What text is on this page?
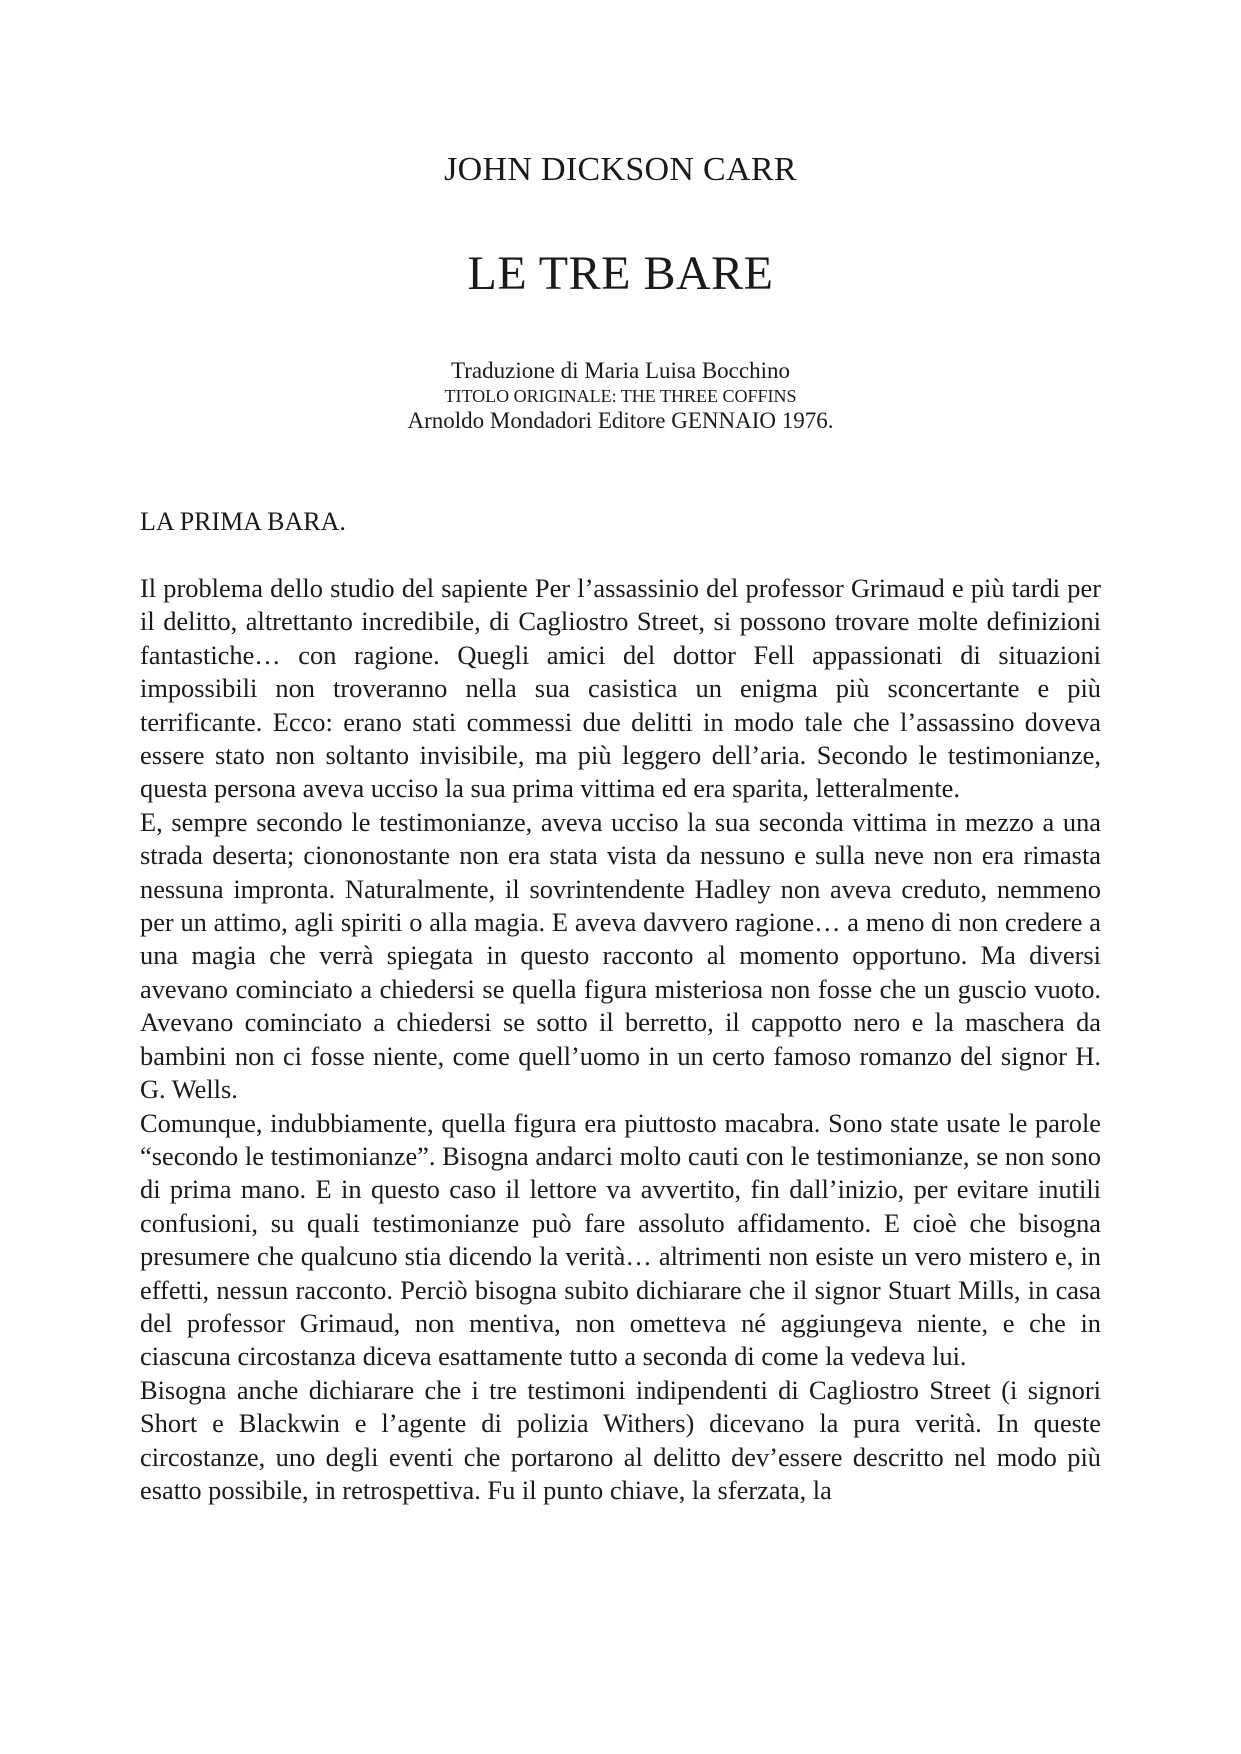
JOHN DICKSON CARR
LE TRE BARE
Traduzione di Maria Luisa Bocchino
TITOLO ORIGINALE: THE THREE COFFINS
Arnoldo Mondadori Editore GENNAIO 1976.
LA PRIMA BARA.

Il problema dello studio del sapiente Per l’assassinio del professor Grimaud e più tardi per il delitto, altrettanto incredibile, di Cagliostro Street, si possono trovare molte definizioni fantastiche… con ragione. Quegli amici del dottor Fell appassionati di situazioni impossibili non troveranno nella sua casistica un enigma più sconcertante e più terrificante. Ecco: erano stati commessi due delitti in modo tale che l’assassino doveva essere stato non soltanto invisibile, ma più leggero dell’aria. Secondo le testimonianze, questa persona aveva ucciso la sua prima vittima ed era sparita, letteralmente.

E, sempre secondo le testimonianze, aveva ucciso la sua seconda vittima in mezzo a una strada deserta; ciononostante non era stata vista da nessuno e sulla neve non era rimasta nessuna impronta. Naturalmente, il sovrintendente Hadley non aveva creduto, nemmeno per un attimo, agli spiriti o alla magia. E aveva davvero ragione… a meno di non credere a una magia che verrà spiegata in questo racconto al momento opportuno. Ma diversi avevano cominciato a chiedersi se quella figura misteriosa non fosse che un guscio vuoto. Avevano cominciato a chiedersi se sotto il berretto, il cappotto nero e la maschera da bambini non ci fosse niente, come quell’uomo in un certo famoso romanzo del signor H. G. Wells.

Comunque, indubbiamente, quella figura era piuttosto macabra. Sono state usate le parole “secondo le testimonianze”. Bisogna andarci molto cauti con le testimonianze, se non sono di prima mano. E in questo caso il lettore va avvertito, fin dall’inizio, per evitare inutili confusioni, su quali testimonianze può fare assoluto affidamento. E cioè che bisogna presumere che qualcuno stia dicendo la verità… altrimenti non esiste un vero mistero e, in effetti, nessun racconto. Perciò bisogna subito dichiarare che il signor Stuart Mills, in casa del professor Grimaud, non mentiva, non ometteva né aggiungeva niente, e che in ciascuna circostanza diceva esattamente tutto a seconda di come la vedeva lui.

Bisogna anche dichiarare che i tre testimoni indipendenti di Cagliostro Street (i signori Short e Blackwin e l’agente di polizia Withers) dicevano la pura verità. In queste circostanze, uno degli eventi che portarono al delitto dev’essere descritto nel modo più esatto possibile, in retrospettiva. Fu il punto chiave, la sferzata, la
